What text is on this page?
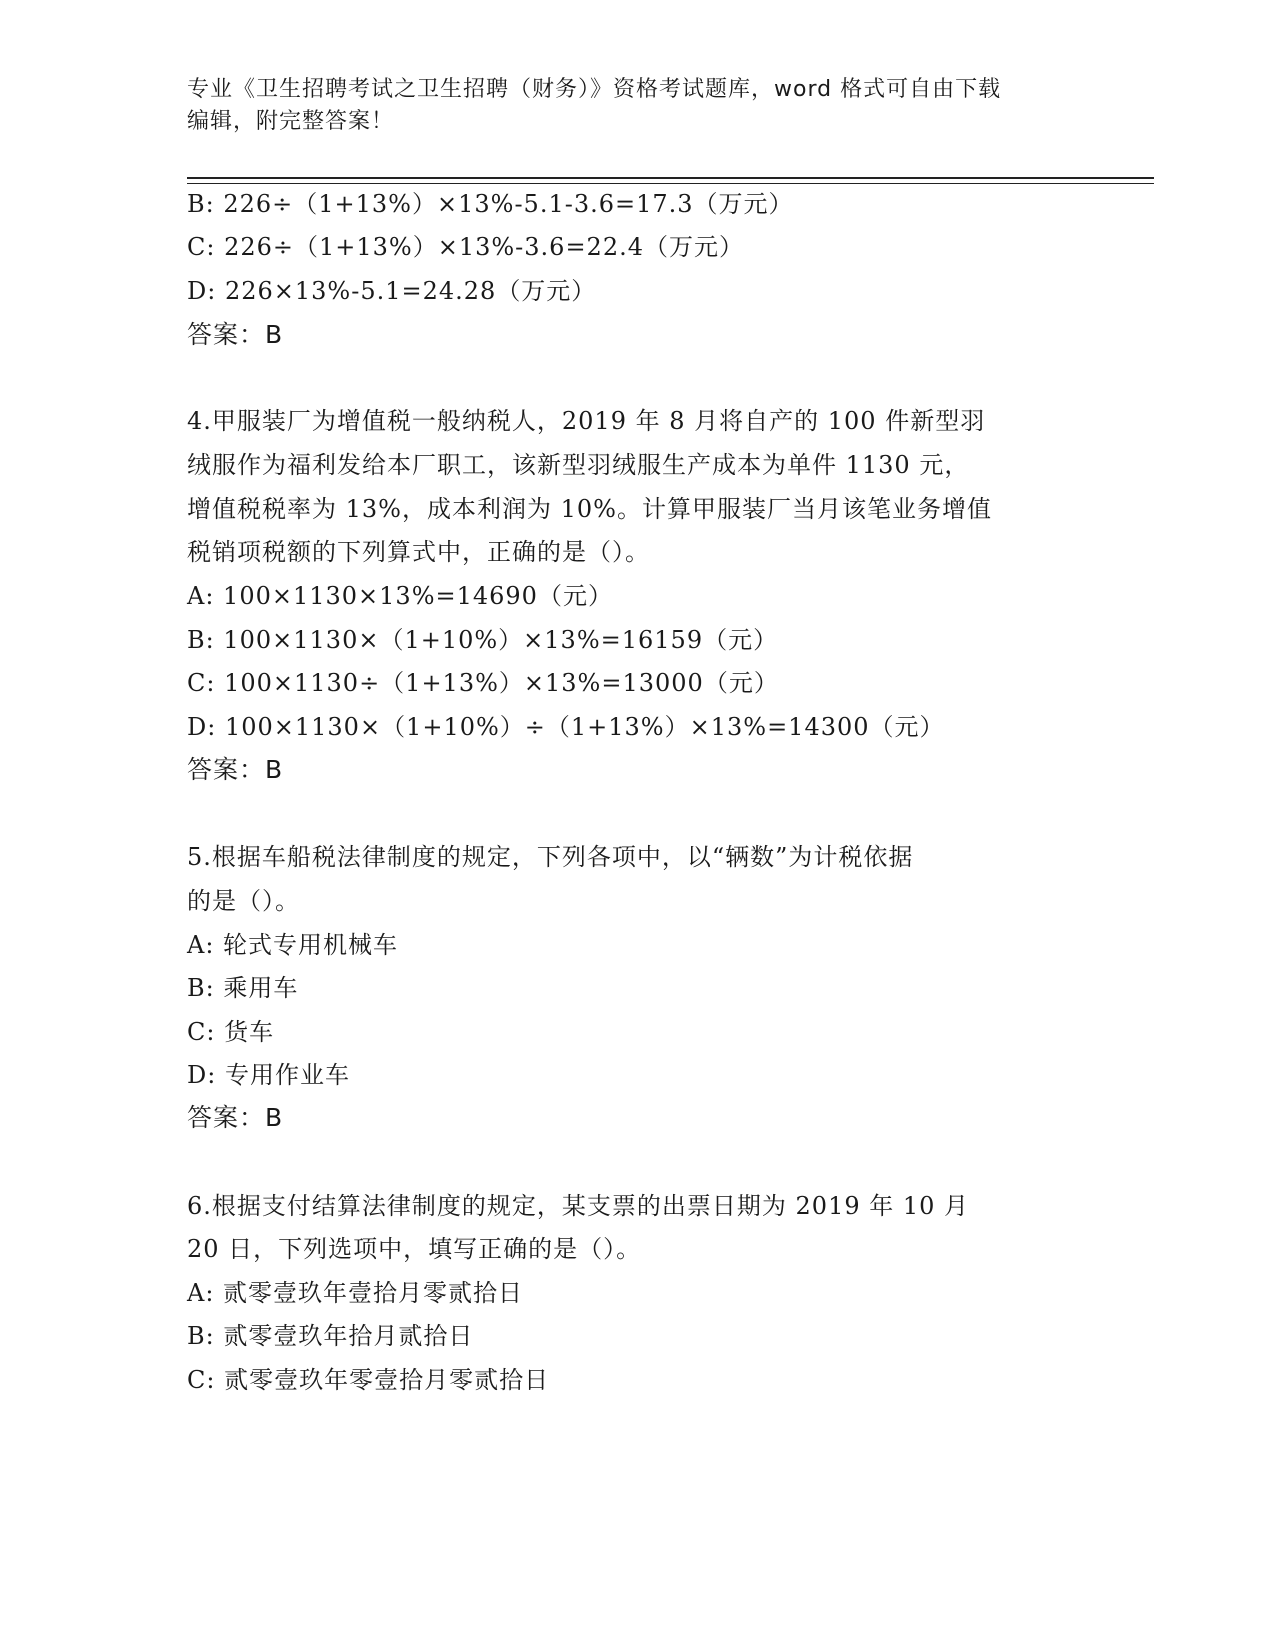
专业《卫生招聘考试之卫生招聘（财务）》资格考试题库，word 格式可自由下载
编辑，附完整答案！
B: 226÷（1+13%）×13%-5.1-3.6=17.3（万元）
C: 226÷（1+13%）×13%-3.6=22.4（万元）
D: 226×13%-5.1=24.28（万元）
答案：B
4.甲服装厂为增值税一般纳税人，2019 年 8 月将自产的 100 件新型羽
绒服作为福利发给本厂职工，该新型羽绒服生产成本为单件 1130 元，
增值税税率为 13%，成本利润为 10%。计算甲服装厂当月该笔业务增值
税销项税额的下列算式中，正确的是（）。
A: 100×1130×13%=14690（元）
B: 100×1130×（1+10%）×13%=16159（元）
C: 100×1130÷（1+13%）×13%=13000（元）
D: 100×1130×（1+10%）÷（1+13%）×13%=14300（元）
答案：B
5.根据车船税法律制度的规定，下列各项中，以“辆数”为计税依据
的是（）。
A: 轮式专用机械车
B: 乘用车
C: 货车
D: 专用作业车
答案：B
6.根据支付结算法律制度的规定，某支票的出票日期为 2019 年 10 月
20 日，下列选项中，填写正确的是（）。
A: 贰零壹玖年壹拾月零贰拾日
B: 贰零壹玖年拾月贰拾日
C: 贰零壹玖年零壹拾月零贰拾日
